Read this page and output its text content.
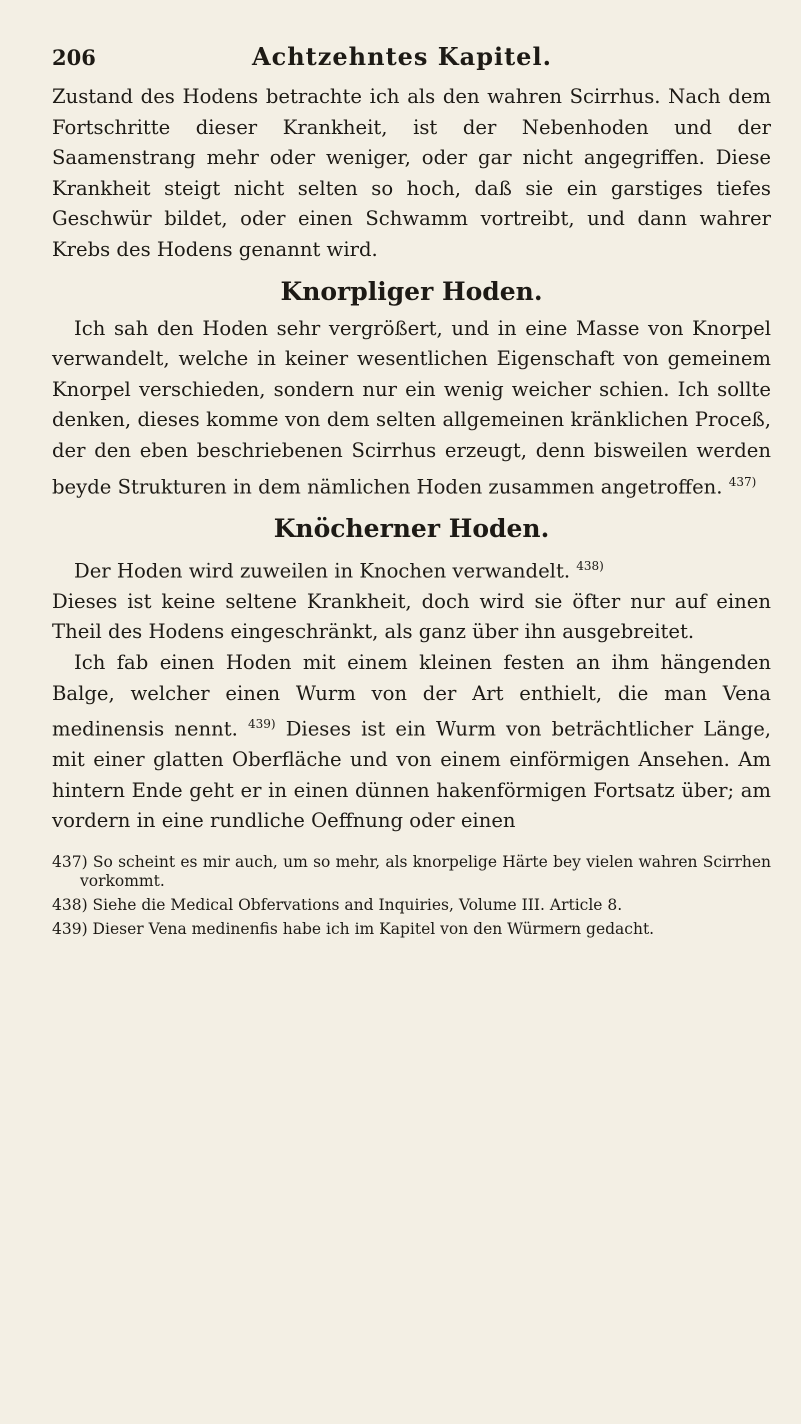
206	Achtzehntes Kapitel.

Zustand des Hodens betrachte ich als den wahren Scirrhus. Nach dem Fortschritte dieser Krankheit, ist der Nebenhoden und der Saamenstrang mehr oder weniger, oder gar nicht angegriffen. Diese Krankheit steigt nicht selten so hoch, daß sie ein garstiges tiefes Geschwür bildet, oder einen Schwamm vortreibt, und dann wahrer Krebs des Hodens genannt wird.

Knorpliger Hoden.

Ich sah den Hoden sehr vergrößert, und in eine Masse von Knorpel verwandelt, welche in keiner wesentlichen Eigenschaft von gemeinem Knorpel verschieden, sondern nur ein wenig weicher schien. Ich sollte denken, dieses komme von dem selten allgemeinen kränklichen Proceß, der den eben beschriebenen Scirrhus erzeugt, denn bisweilen werden beyde Strukturen in dem nämlichen Hoden zusammen angetroffen. $^{437)}$

Knöcherner Hoden.

Der Hoden wird zuweilen in Knochen verwandelt. $^{438)}$

Dieses ist keine seltene Krankheit, doch wird sie öfter nur auf einen Theil des Hodens eingeschränkt, als ganz über ihn ausgebreitet.

Ich fab einen Hoden mit einem kleinen festen an ihm hängenden Balge, welcher einen Wurm von der Art enthielt, die man Vena medinensis nennt. $^{439)}$ Dieses ist ein Wurm von beträchtlicher Länge, mit einer glatten Oberfläche und von einem einförmigen Ansehen. Am hintern Ende geht er in einen dünnen hakenförmigen Fortsatz über; am vordern in eine rundliche Oeffnung oder einen

437) So scheint es mir auch, um so mehr, als knorpelige Härte bey vielen wahren Scirrhen vorkommt.

438) Siehe die Medical Obfervations and Inquiries, Volume III. Article 8.

439) Dieser Vena medinenfis habe ich im Kapitel von den Würmern gedacht.
